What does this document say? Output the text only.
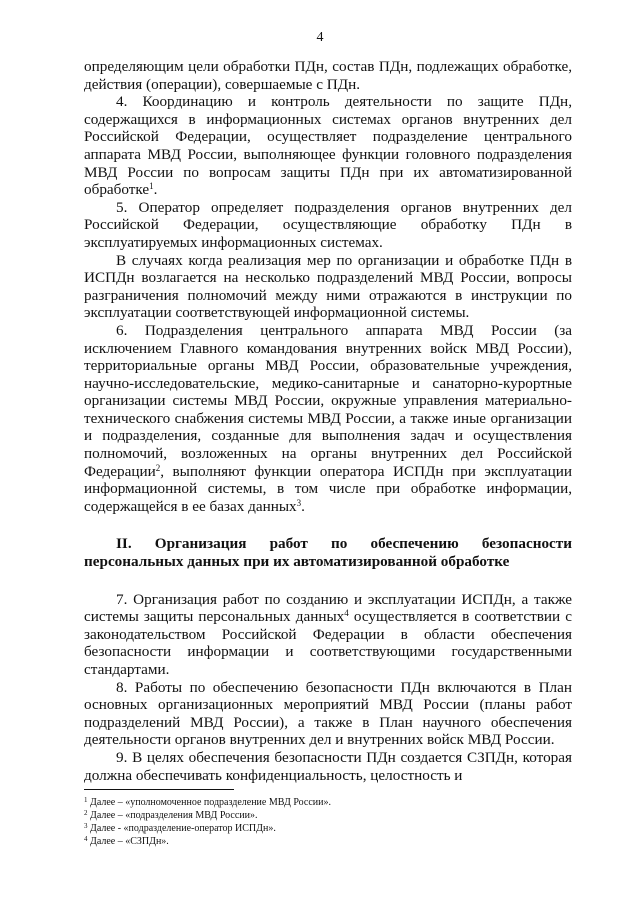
4

определяющим цели обработки ПДн, состав ПДн, подлежащих обработке, действия (операции), совершаемые с ПДн.

4. Координацию и контроль деятельности по защите ПДн, содержащихся в информационных системах органов внутренних дел Российской Федерации, осуществляет подразделение центрального аппарата МВД России, выполняющее функции головного подразделения МВД России по вопросам защиты ПДн при их автоматизированной обработке$^1$.

5. Оператор определяет подразделения органов внутренних дел Российской Федерации, осуществляющие обработку ПДн в эксплуатируемых информационных системах.

В случаях когда реализация мер по организации и обработке ПДн в ИСПДн возлагается на несколько подразделений МВД России, вопросы разграничения полномочий между ними отражаются в инструкции по эксплуатации соответствующей информационной системы.

6. Подразделения центрального аппарата МВД России (за исключением Главного командования внутренних войск МВД России), территориальные органы МВД России, образовательные учреждения, научно-исследовательские, медико-санитарные и санаторно-курортные организации системы МВД России, окружные управления материально-технического снабжения системы МВД России, а также иные организации и подразделения, созданные для выполнения задач и осуществления полномочий, возложенных на органы внутренних дел Российской Федерации$^2$, выполняют функции оператора ИСПДн при эксплуатации информационной системы, в том числе при обработке информации, содержащейся в ее базах данных$^3$.

II. Организация работ по обеспечению безопасности персональных данных при их автоматизированной обработке

7. Организация работ по созданию и эксплуатации ИСПДн, а также системы защиты персональных данных$^4$ осуществляется в соответствии с законодательством Российской Федерации в области обеспечения безопасности информации и соответствующими государственными стандартами.

8. Работы по обеспечению безопасности ПДн включаются в План основных организационных мероприятий МВД России (планы работ подразделений МВД России), а также в План научного обеспечения деятельности органов внутренних дел и внутренних войск МВД России.

9. В целях обеспечения безопасности ПДн создается СЗПДн, которая должна обеспечивать конфиденциальность, целостность и

$^1$ Далее – «уполномоченное подразделение МВД России».

$^2$ Далее – «подразделения МВД России».

$^3$ Далее - «подразделение-оператор ИСПДн».

$^4$ Далее – «СЗПДн».
